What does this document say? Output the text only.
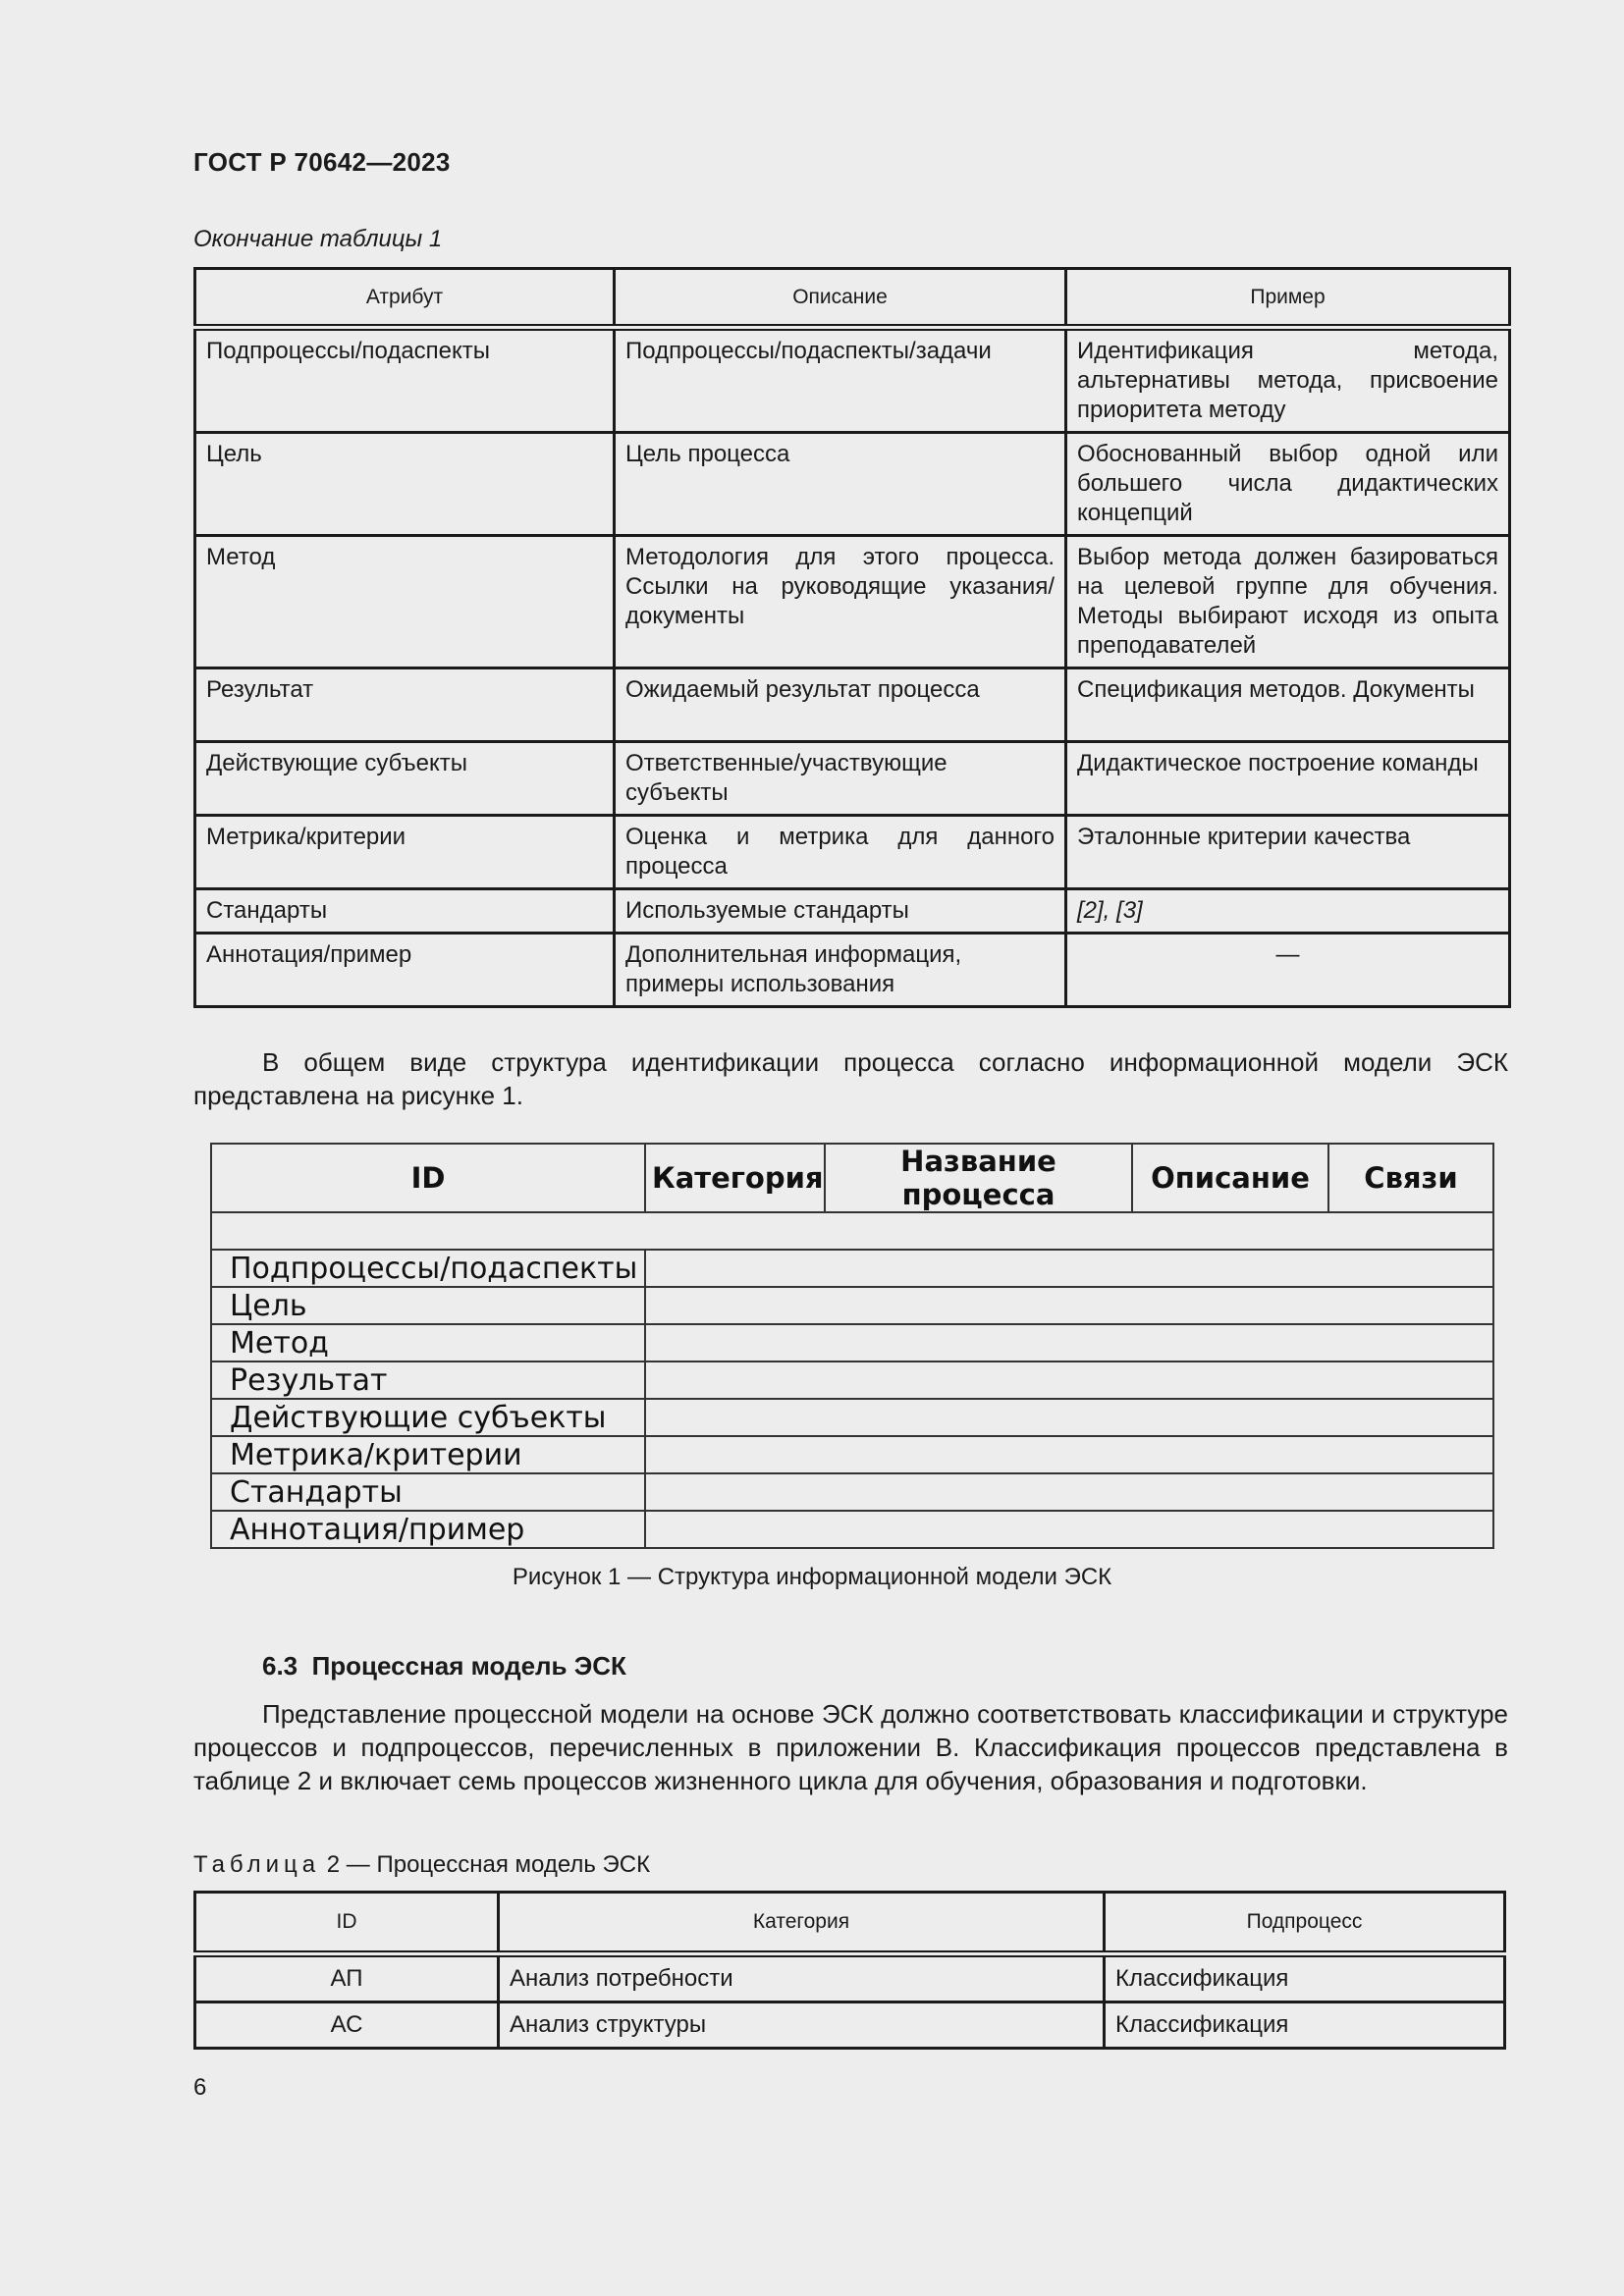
ГОСТ Р 70642—2023
Окончание таблицы 1
Атрибут	Описание	Пример
Подпроцессы/подаспекты	Подпроцессы/подаспекты/задачи	Идентификация метода, альтернативы метода, присвоение приоритета методу
Цель	Цель процесса	Обоснованный выбор одной или большего числа дидактических концепций
Метод	Методология для этого процесса. Ссылки на руководящие указания/ документы	Выбор метода должен базироваться на целевой группе для обучения. Методы выбирают исходя из опыта преподавателей
Результат	Ожидаемый результат процесса	Спецификация методов. Документы
Действующие субъекты	Ответственные/участвующие субъекты	Дидактическое построение команды
Метрика/критерии	Оценка и метрика для данного процесса	Эталонные критерии качества
Стандарты	Используемые стандарты	[2], [3]
Аннотация/пример	Дополнительная информация, примеры использования	—
В общем виде структура идентификации процесса согласно информационной модели ЭСК представлена на рисунке 1.
ID	Категория	Название процесса	Описание	Связи

Подпроцессы/подаспекты				
Цель				
Метод				
Результат				
Действующие субъекты				
Метрика/критерии				
Стандарты				
Аннотация/пример				
Рисунок 1 — Структура информационной модели ЭСК
6.3 Процессная модель ЭСК
Представление процессной модели на основе ЭСК должно соответствовать классификации и структуре процессов и подпроцессов, перечисленных в приложении В. Классификация процессов представлена в таблице 2 и включает семь процессов жизненного цикла для обучения, образования и подготовки.
Таблица 2 — Процессная модель ЭСК
ID	Категория	Подпроцесс
АП	Анализ потребности	Классификация
АС	Анализ структуры	Классификация
6
